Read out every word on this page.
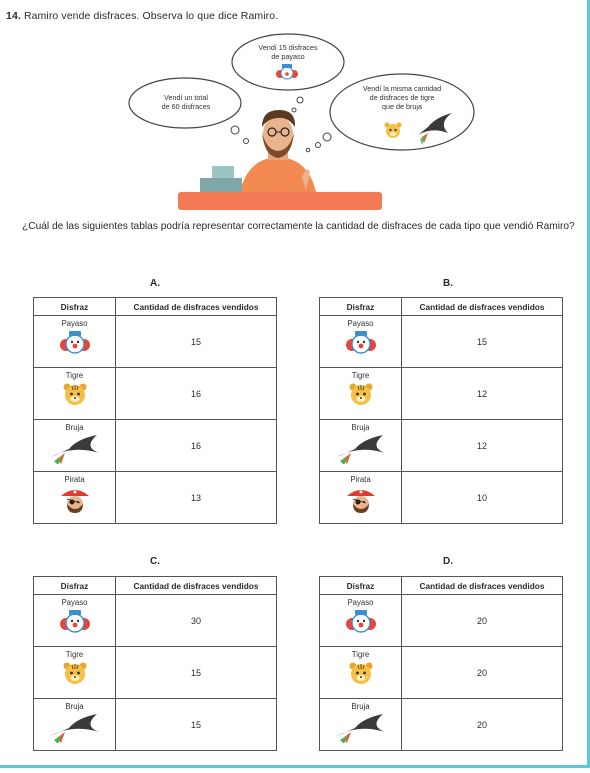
14. Ramiro vende disfraces. Observa lo que dice Ramiro.
Vendí 15 disfraces
de payaso
Vendí un total
de 60 disfraces
Vendí la misma cantidad
de disfraces de tigre
que de bruja
¿Cuál de las siguientes tablas podría representar correctamente la cantidad de disfraces de cada tipo que vendió Ramiro?
A.	B.
C.	D.
Disfraz	Cantidad de disfraces vendidos

Payaso	15

Tigre	16

Bruja	16

Pirata	13
Disfraz	Cantidad de disfraces vendidos

Payaso	15

Tigre	12

Bruja	12

Pirata	10
Disfraz	Cantidad de disfraces vendidos

Payaso	30

Tigre	15

Bruja	15
Disfraz	Cantidad de disfraces vendidos

Payaso	20

Tigre	20

Bruja	20
